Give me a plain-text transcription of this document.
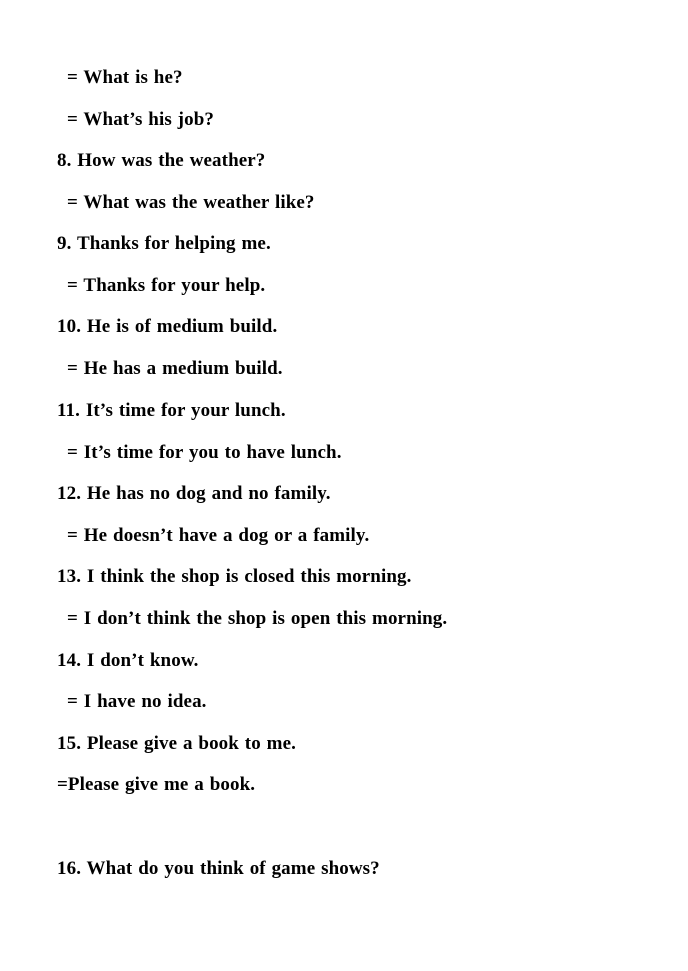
= What is he?
= What’s his job?
8. How was the weather?
= What was the weather like?
9. Thanks for helping me.
= Thanks for your help.
10. He is of medium build.
= He has a medium build.
11. It’s time for your lunch.
= It’s time for you to have lunch.
12. He has no dog and no family.
= He doesn’t have a dog or a family.
13. I think the shop is closed this morning.
= I don’t think the shop is open this morning.
14. I don’t know.
= I have no idea.
15. Please give a book to me.
=Please give me a book.
16. What do you think of game shows?
